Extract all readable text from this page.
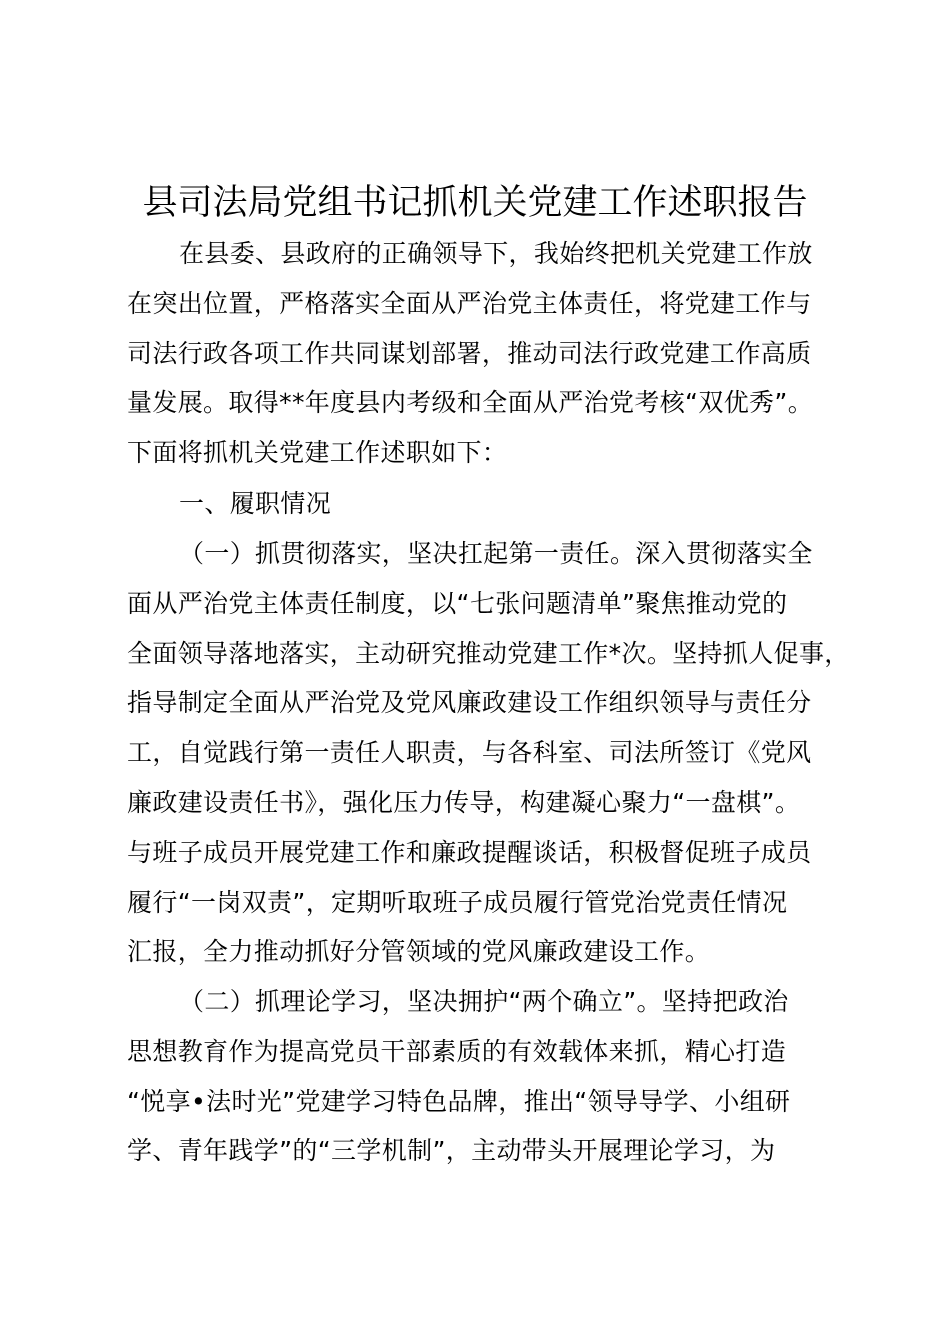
县司法局党组书记抓机关党建工作述职报告
在县委、县政府的正确领导下，我始终把机关党建工作放
在突出位置，严格落实全面从严治党主体责任，将党建工作与
司法行政各项工作共同谋划部署，推动司法行政党建工作高质
量发展。取得**年度县内考级和全面从严治党考核“双优秀”。
下面将抓机关党建工作述职如下：
一、履职情况
（一）抓贯彻落实，坚决扛起第一责任。深入贯彻落实全
面从严治党主体责任制度，以“七张问题清单”聚焦推动党的
全面领导落地落实，主动研究推动党建工作*次。坚持抓人促事，
指导制定全面从严治党及党风廉政建设工作组织领导与责任分
工，自觉践行第一责任人职责，与各科室、司法所签订《党风
廉政建设责任书》，强化压力传导，构建凝心聚力“一盘棋”。
与班子成员开展党建工作和廉政提醒谈话，积极督促班子成员
履行“一岗双责”，定期听取班子成员履行管党治党责任情况
汇报，全力推动抓好分管领域的党风廉政建设工作。
（二）抓理论学习，坚决拥护“两个确立”。坚持把政治
思想教育作为提高党员干部素质的有效载体来抓，精心打造
“悦享•法时光”党建学习特色品牌，推出“领导导学、小组研
学、青年践学”的“三学机制”，主动带头开展理论学习，为
